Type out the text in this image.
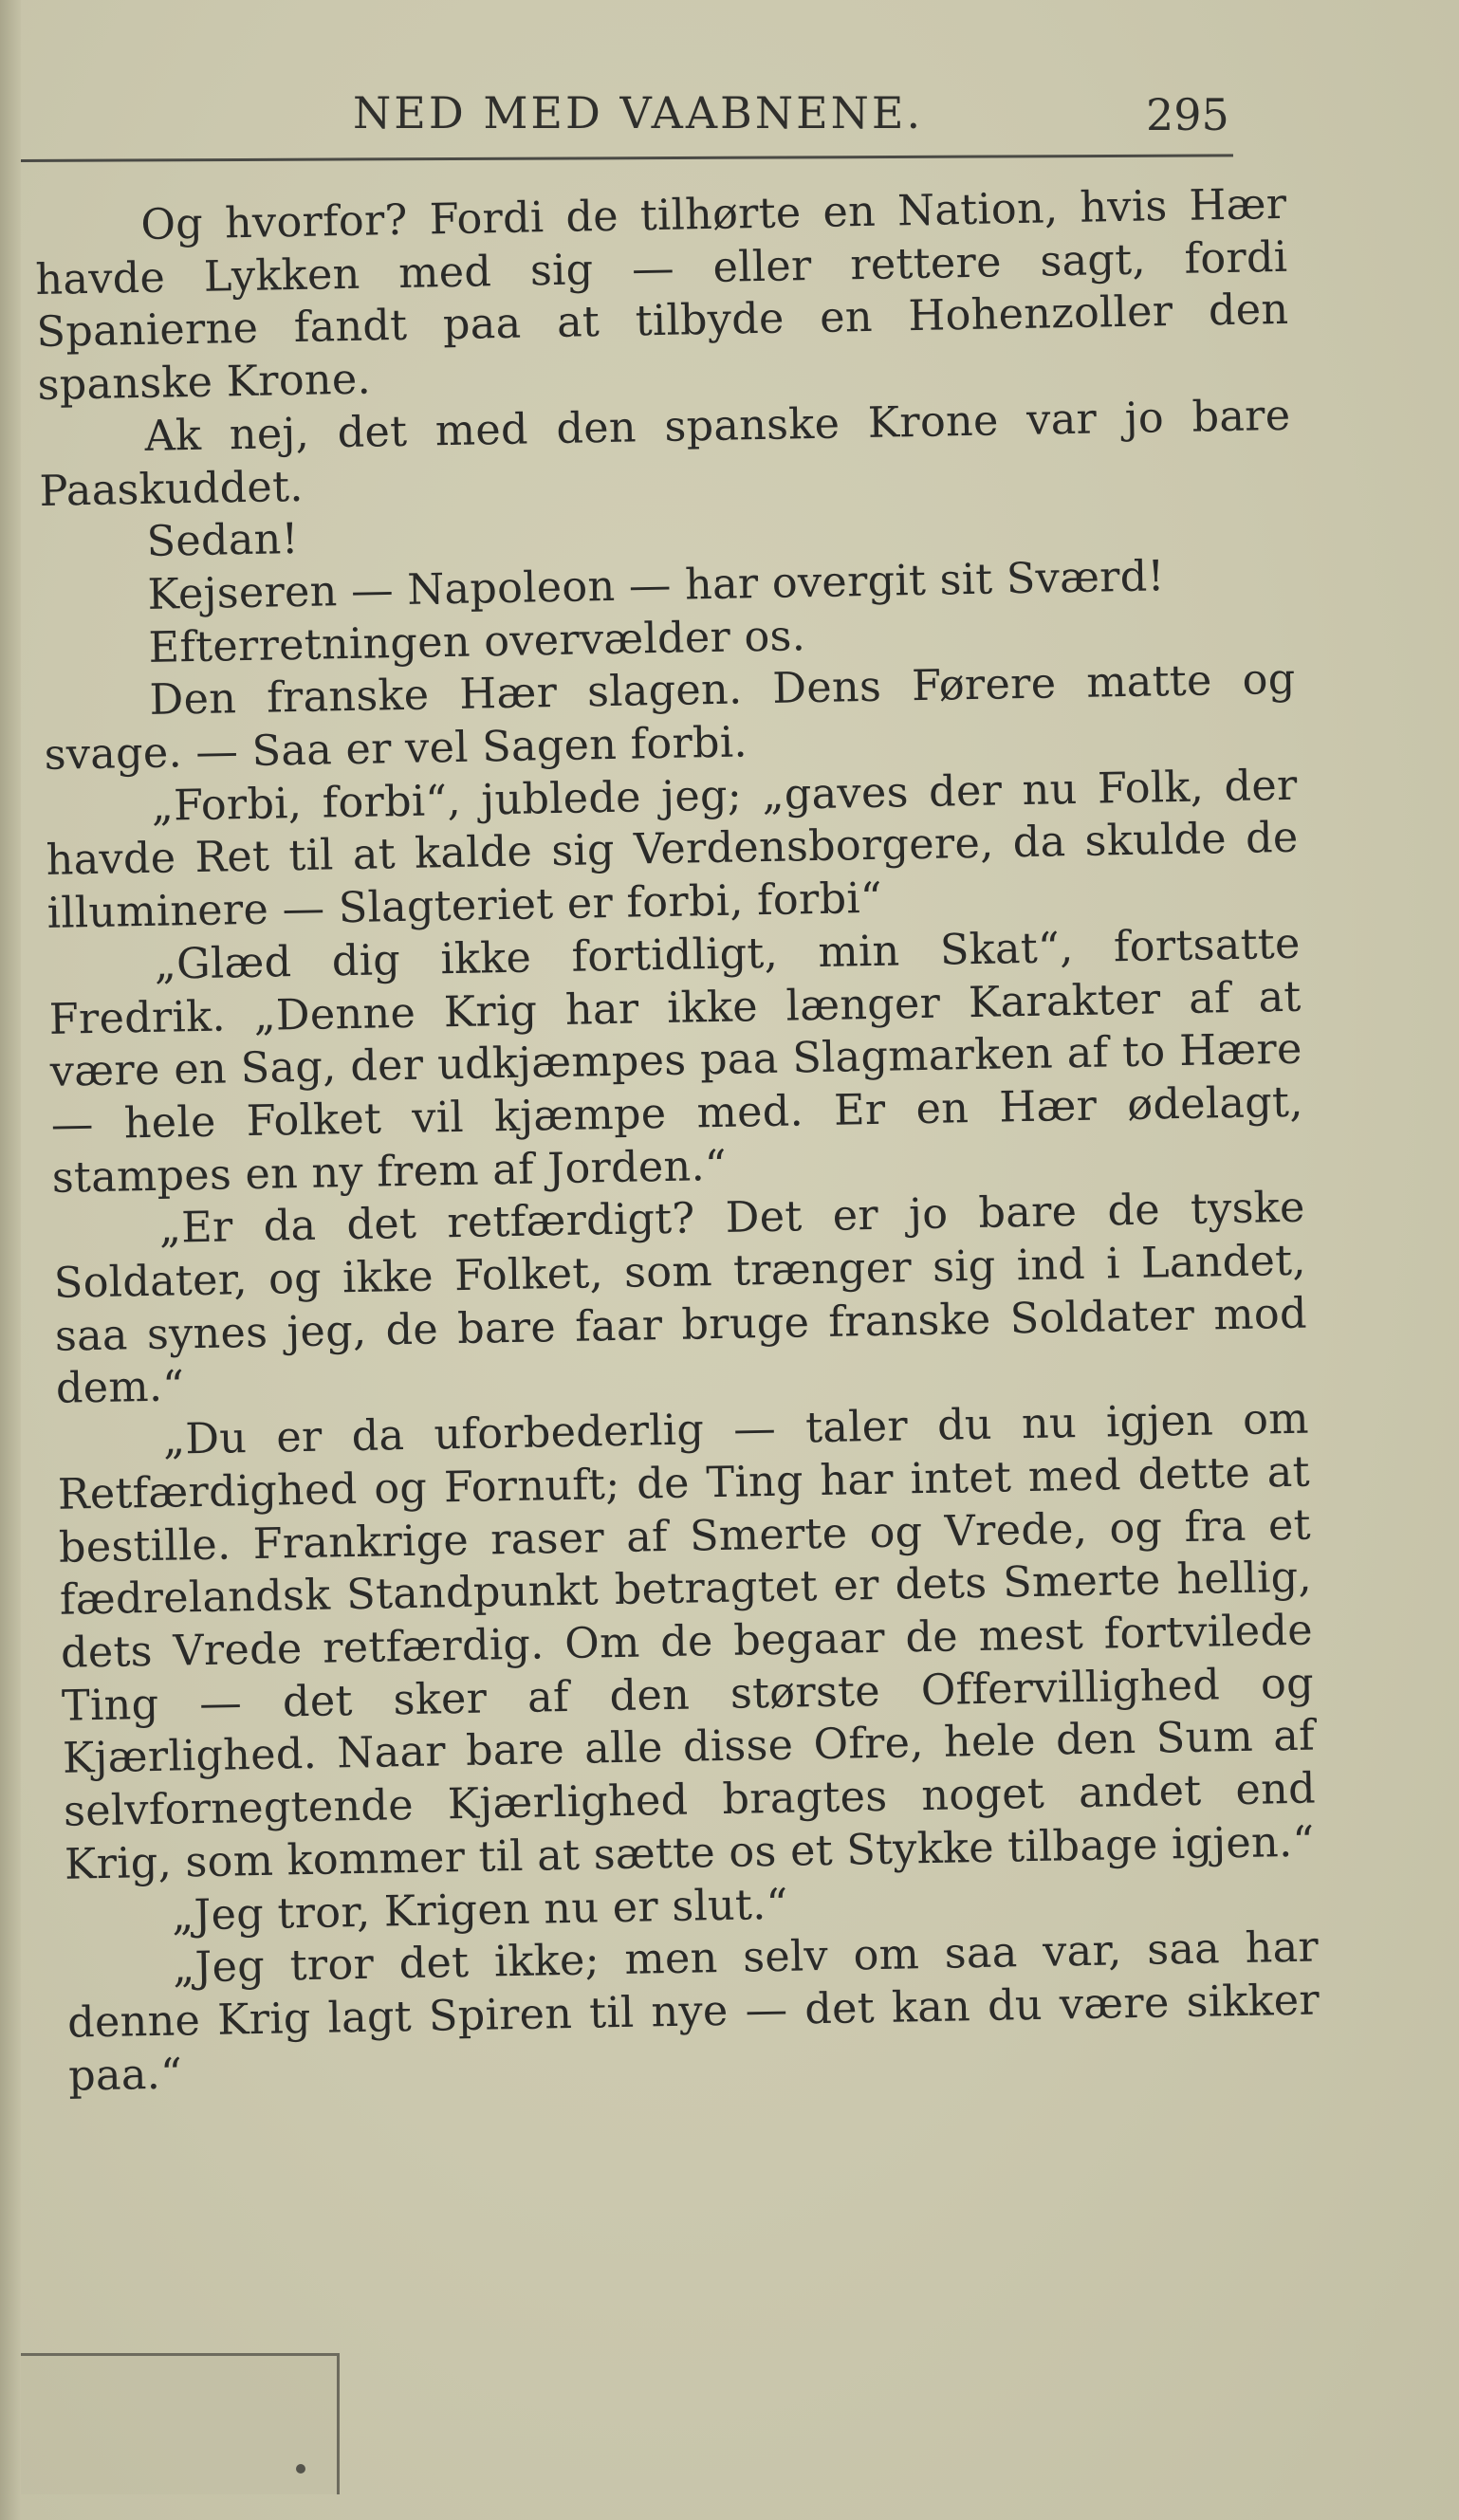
NED MED VAABNENE.	295

Og hvorfor? Fordi de tilhørte en Nation, hvis Hær havde Lykken med sig — eller rettere sagt, fordi Spanierne fandt paa at tilbyde en Hohenzoller den spanske Krone.

Ak nej, det med den spanske Krone var jo bare Paaskuddet.

Sedan!

Kejseren — Napoleon — har overgit sit Sværd!

Efterretningen overvælder os.

Den franske Hær slagen. Dens Førere matte og svage. — Saa er vel Sagen forbi.

„Forbi, forbi“, jublede jeg; „gaves der nu Folk, der havde Ret til at kalde sig Verdensborgere, da skulde de illuminere — Slagteriet er forbi, forbi“

„Glæd dig ikke fortidligt, min Skat“, fortsatte Fredrik. „Denne Krig har ikke længer Karakter af at være en Sag, der udkjæmpes paa Slagmarken af to Hære — hele Folket vil kjæmpe med. Er en Hær ødelagt, stampes en ny frem af Jorden.“

„Er da det retfærdigt? Det er jo bare de tyske Soldater, og ikke Folket, som trænger sig ind i Landet, saa synes jeg, de bare faar bruge franske Soldater mod dem.“

„Du er da uforbederlig — taler du nu igjen om Retfærdighed og Fornuft; de Ting har intet med dette at bestille. Frankrige raser af Smerte og Vrede, og fra et fædrelandsk Standpunkt betragtet er dets Smerte hellig, dets Vrede retfærdig. Om de begaar de mest fortvilede Ting — det sker af den største Offervillighed og Kjærlighed. Naar bare alle disse Ofre, hele den Sum af selvfornegtende Kjærlighed bragtes noget andet end Krig, som kommer til at sætte os et Stykke tilbage igjen.“

„Jeg tror, Krigen nu er slut.“

„Jeg tror det ikke; men selv om saa var, saa har denne Krig lagt Spiren til nye — det kan du være sikker paa.“
